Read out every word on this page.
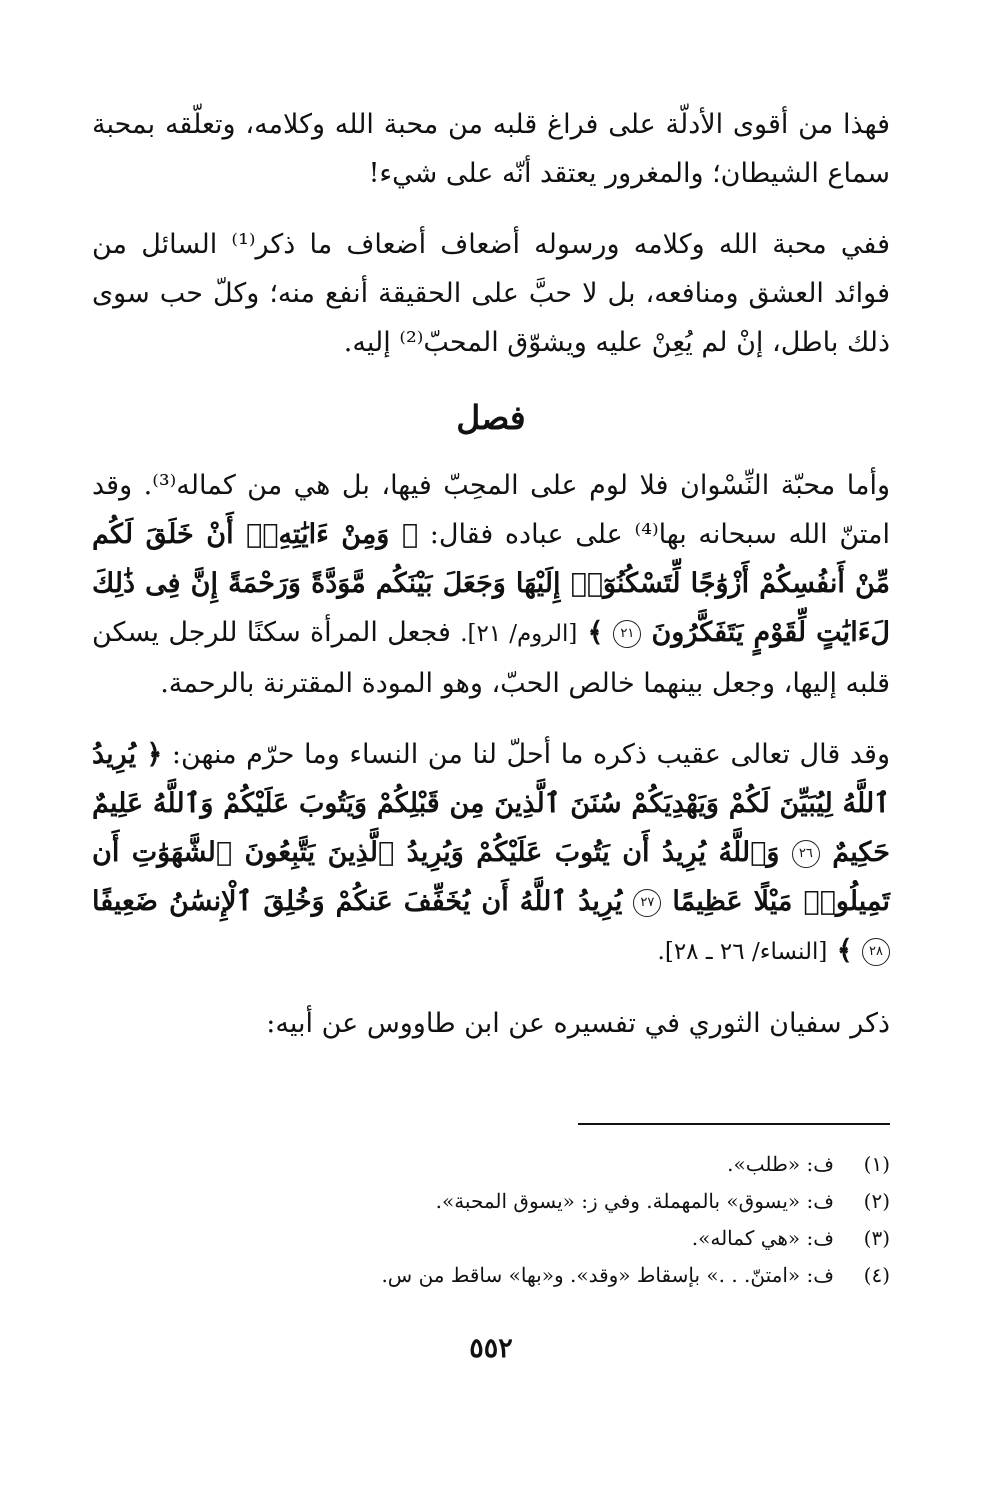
فهذا من أقوى الأدلّة على فراغ قلبه من محبة الله وكلامه، وتعلّقه بمحبة سماع الشيطان؛ والمغرور يعتقد أنّه على شيء!

ففي محبة الله وكلامه ورسوله أضعاف أضعاف ما ذكر⁽¹⁾ السائل من فوائد العشق ومنافعه، بل لا حبَّ على الحقيقة أنفع منه؛ وكلّ حب سوى ذلك باطل، إنْ لم يُعِنْ عليه ويشوّق المحبّ⁽²⁾ إليه.

فصل

وأما محبّة النِّسْوان فلا لوم على المحِبّ فيها، بل هي من كماله⁽³⁾. وقد امتنّ الله سبحانه بها⁽⁴⁾ على عباده فقال: ﴿ وَمِنْ ءَايَٰتِهِۦٓ أَنْ خَلَقَ لَكُم مِّنْ أَنفُسِكُمْ أَزْوَٰجًا لِّتَسْكُنُوٓا۟ إِلَيْهَا وَجَعَلَ بَيْنَكُم مَّوَدَّةً وَرَحْمَةً إِنَّ فِى ذَٰلِكَ لَءَايَٰتٍ لِّقَوْمٍ يَتَفَكَّرُونَ ٢١ ﴾ [الروم/ ٢١]. فجعل المرأة سكنًا للرجل يسكن قلبه إليها، وجعل بينهما خالص الحبّ، وهو المودة المقترنة بالرحمة.

وقد قال تعالى عقيب ذكره ما أحلّ لنا من النساء وما حرّم منهن: ﴿ يُرِيدُ ٱللَّهُ لِيُبَيِّنَ لَكُمْ وَيَهْدِيَكُمْ سُنَنَ ٱلَّذِينَ مِن قَبْلِكُمْ وَيَتُوبَ عَلَيْكُمْ وَٱللَّهُ عَلِيمٌ حَكِيمٌ ٢٦ وَٱللَّهُ يُرِيدُ أَن يَتُوبَ عَلَيْكُمْ وَيُرِيدُ ٱلَّذِينَ يَتَّبِعُونَ ٱلشَّهَوَٰتِ أَن تَمِيلُوا۟ مَيْلًا عَظِيمًا ٢٧ يُرِيدُ ٱللَّهُ أَن يُخَفِّفَ عَنكُمْ وَخُلِقَ ٱلْإِنسَٰنُ ضَعِيفًا ٢٨ ﴾ [النساء/ ٢٦ ـ ٢٨].

ذكر سفيان الثوري في تفسيره عن ابن طاووس عن أبيه:

(١)
ف: «طلب».
(٢)
ف: «يسوق» بالمهملة. وفي ز: «يسوق المحبة».
(٣)
ف: «هي كماله».
(٤)
ف: «امتنّ. . .» بإسقاط «وقد». و«بها» ساقط من س.
٥٥٢
